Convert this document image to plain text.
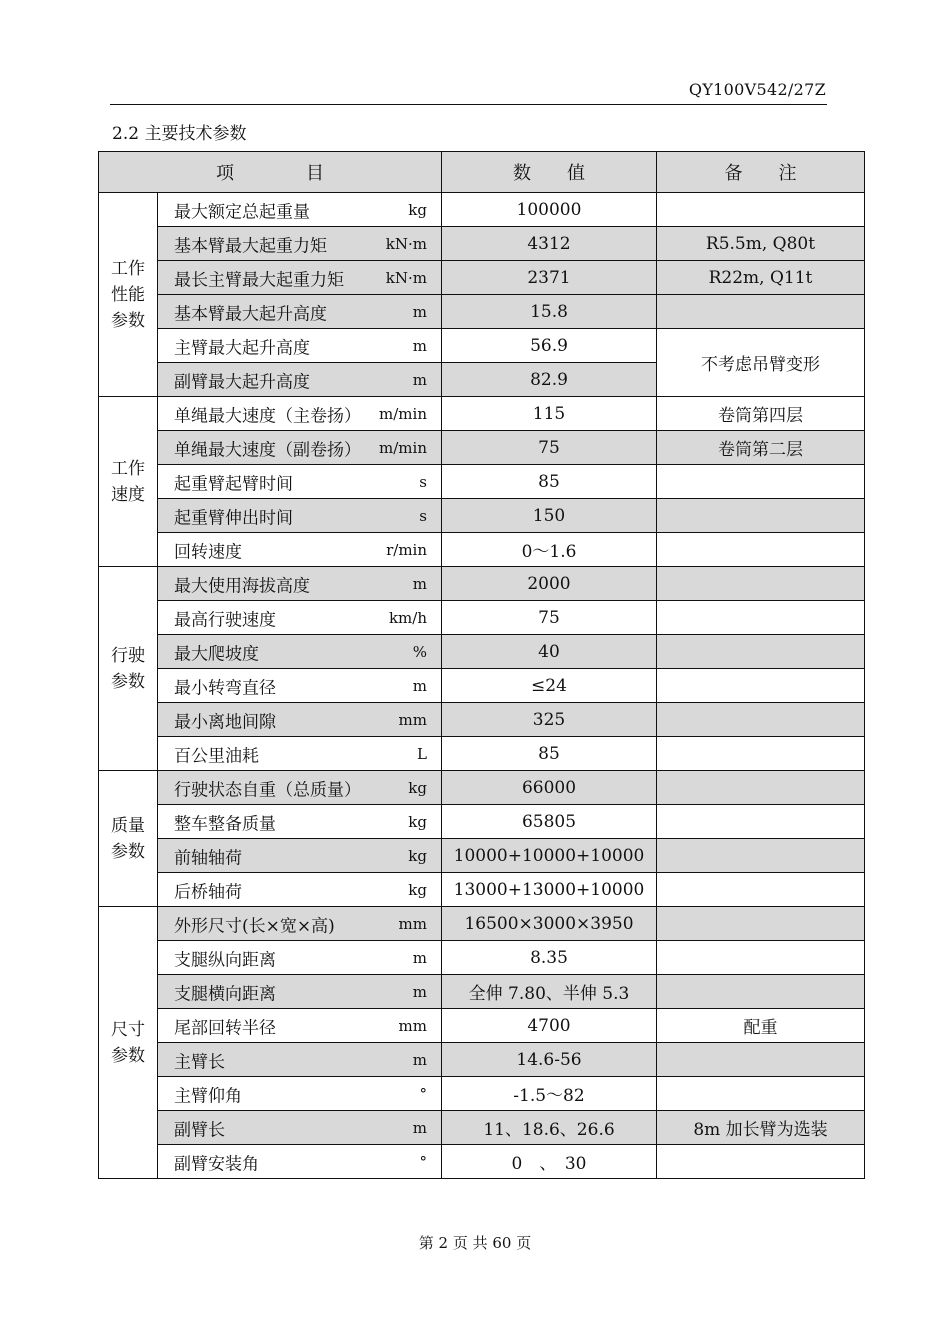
QY100V542/27Z
2.2 主要技术参数
项　　　　目		数　　值	备　　注
工作
性能
参数	最大额定总起重量 kg	100000	

	基本臂最大起重力矩 kN·m	4312	R5.5m, Q80t

	最长主臂最大起重力矩 kN·m	2371	R22m, Q11t

	基本臂最大起升高度 m	15.8	

	主臂最大起升高度 m	56.9	不考虑吊臂变形

	副臂最大起升高度 m	82.9	
工作
速度	单绳最大速度（主卷扬） m/min	115	卷筒第四层

	单绳最大速度（副卷扬） m/min	75	卷筒第二层

	起重臂起臂时间 s	85	

	起重臂伸出时间 s	150	

	回转速度 r/min	0～1.6	
行驶
参数	最大使用海拔高度 m	2000	

	最高行驶速度 km/h	75	

	最大爬坡度 %	40	

	最小转弯直径 m	≤24	

	最小离地间隙 mm	325	

	百公里油耗 L	85	
质量
参数	行驶状态自重（总质量） kg	66000	

	整车整备质量 kg	65805	

	前轴轴荷 kg	10000+10000+10000	

	后桥轴荷 kg	13000+13000+10000	
尺寸
参数	外形尺寸(长×宽×高) mm	16500×3000×3950	

	支腿纵向距离 m	8.35	

	支腿横向距离 m	全伸 7.80、半伸 5.3	

	尾部回转半径 mm	4700	配重

	主臂长 m	14.6-56	

	主臂仰角 °	-1.5～82	

	副臂长 m	11、18.6、26.6	8m 加长臂为选装

	副臂安装角 °	0　、　30	
第 2 页 共 60 页
